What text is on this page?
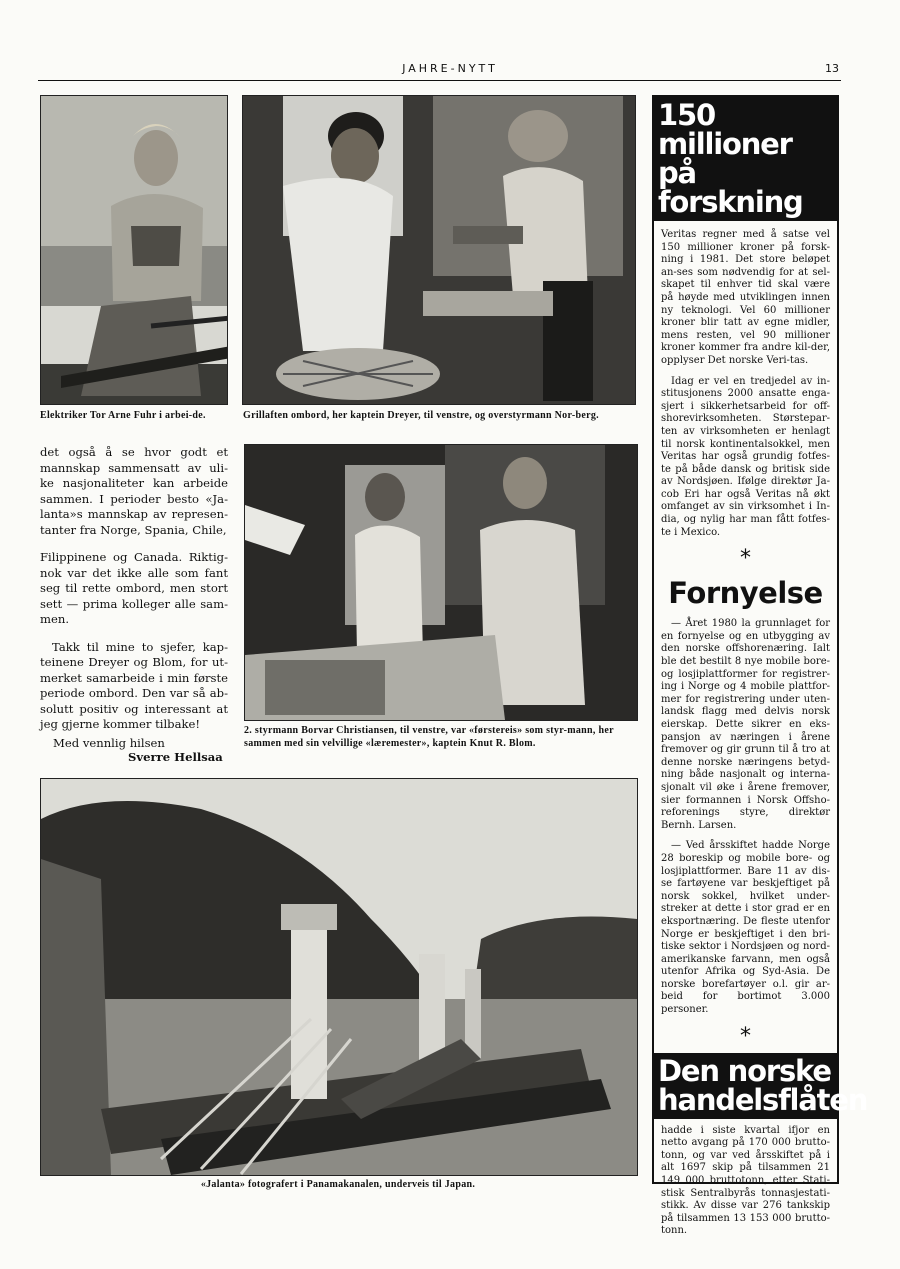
JAHRE-NYTT	13
Elektriker Tor Arne Fuhr i arbei-de.	Grillaften ombord, her kaptein Dreyer, til venstre, og overstyrmann Nor-berg.

det også å se hvor godt et mannskap sammensatt av uli-ke nasjonaliteter kan arbeide sammen. I perioder besto «Ja-lanta»s mannskap av represen-tanter fra Norge, Spania, Chile,

Filippinene og Canada. Riktig-nok var det ikke alle som fant seg til rette ombord, men stort sett — prima kolleger alle sam-men.

Takk til mine to sjefer, kap-teinene Dreyer og Blom, for ut-merket samarbeide i min første periode ombord. Den var så ab-solutt positiv og interessant at jeg gjerne kommer tilbake!

Med vennlig hilsen
Sverre Hellsaa
2. styrmann Borvar Christiansen, til venstre, var «førstereis» som styr-mann, her sammen med sin velvillige «læremester», kaptein Knut R. Blom.
«Jalanta» fotografert i Panamakanalen, underveis til Japan.
150 millioner
på forskning

Veritas regner med å satse vel 150 millioner kroner på forsk-ning i 1981. Det store beløpet an-ses som nødvendig for at sel-skapet til enhver tid skal være på høyde med utviklingen innen ny teknologi. Vel 60 millioner kroner blir tatt av egne midler, mens resten, vel 90 millioner kroner kommer fra andre kil-der, opplyser Det norske Veri-tas.

Idag er vel en tredjedel av in-stitusjonens 2000 ansatte enga-sjert i sikkerhetsarbeid for off-shorevirksomheten. Størstepar-ten av virksomheten er henlagt til norsk kontinentalsokkel, men Veritas har også grundig fotfes-te på både dansk og britisk side av Nordsjøen. Ifølge direktør Ja-cob Eri har også Veritas nå økt omfanget av sin virksomhet i In-dia, og nylig har man fått fotfes-te i Mexico.

*
Fornyelse

— Året 1980 la grunnlaget for en fornyelse og en utbygging av den norske offshorenæring. Ialt ble det bestilt 8 nye mobile bore-og losjiplattformer for registrer-ing i Norge og 4 mobile plattfor-mer for registrering under uten-landsk flagg med delvis norsk eierskap. Dette sikrer en eks-pansjon av næringen i årene fremover og gir grunn til å tro at denne norske næringens betyd-ning både nasjonalt og interna-sjonalt vil øke i årene fremover, sier formannen i Norsk Offsho-reforenings styre, direktør Bernh. Larsen.

— Ved årsskiftet hadde Norge 28 boreskip og mobile bore- og losjiplattformer. Bare 11 av dis-se fartøyene var beskjeftiget på norsk sokkel, hvilket under-streker at dette i stor grad er en eksportnæring. De fleste utenfor Norge er beskjeftiget i den bri-tiske sektor i Nordsjøen og nord-amerikanske farvann, men også utenfor Afrika og Syd-Asia. De norske borefartøyer o.l. gir ar-beid for bortimot 3.000 personer.

*
Den norske
handelsflåten

hadde i siste kvartal ifjor en netto avgang på 170 000 brutto-tonn, og var ved årsskiftet på i alt 1697 skip på tilsammen 21 149 000 bruttotonn, etter Stati-stisk Sentralbyrås tonnasjestati-stikk. Av disse var 276 tankskip på tilsammen 13 153 000 brutto-tonn.
